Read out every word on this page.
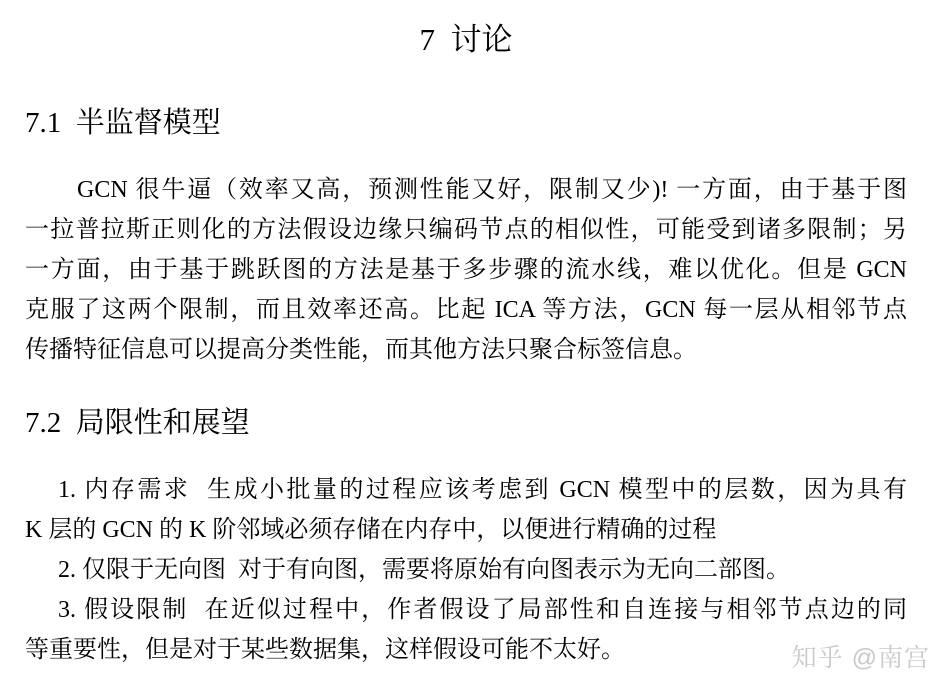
7  讨论
7.1  半监督模型
GCN 很牛逼（效率又高，预测性能又好，限制又少)! 一方面，由于基于图
一拉普拉斯正则化的方法假设边缘只编码节点的相似性，可能受到诸多限制；另
一方面，由于基于跳跃图的方法是基于多步骤的流水线，难以优化。但是 GCN
克服了这两个限制，而且效率还高。比起 ICA 等方法，GCN 每一层从相邻节点
传播特征信息可以提高分类性能，而其他方法只聚合标签信息。
7.2  局限性和展望
1. 内存需求  生成小批量的过程应该考虑到 GCN 模型中的层数，因为具有
K 层的 GCN 的 K 阶邻域必须存储在内存中，以便进行精确的过程
2. 仅限于无向图  对于有向图，需要将原始有向图表示为无向二部图。
3. 假设限制  在近似过程中，作者假设了局部性和自连接与相邻节点边的同
等重要性，但是对于某些数据集，这样假设可能不太好。	知乎 @南宫
